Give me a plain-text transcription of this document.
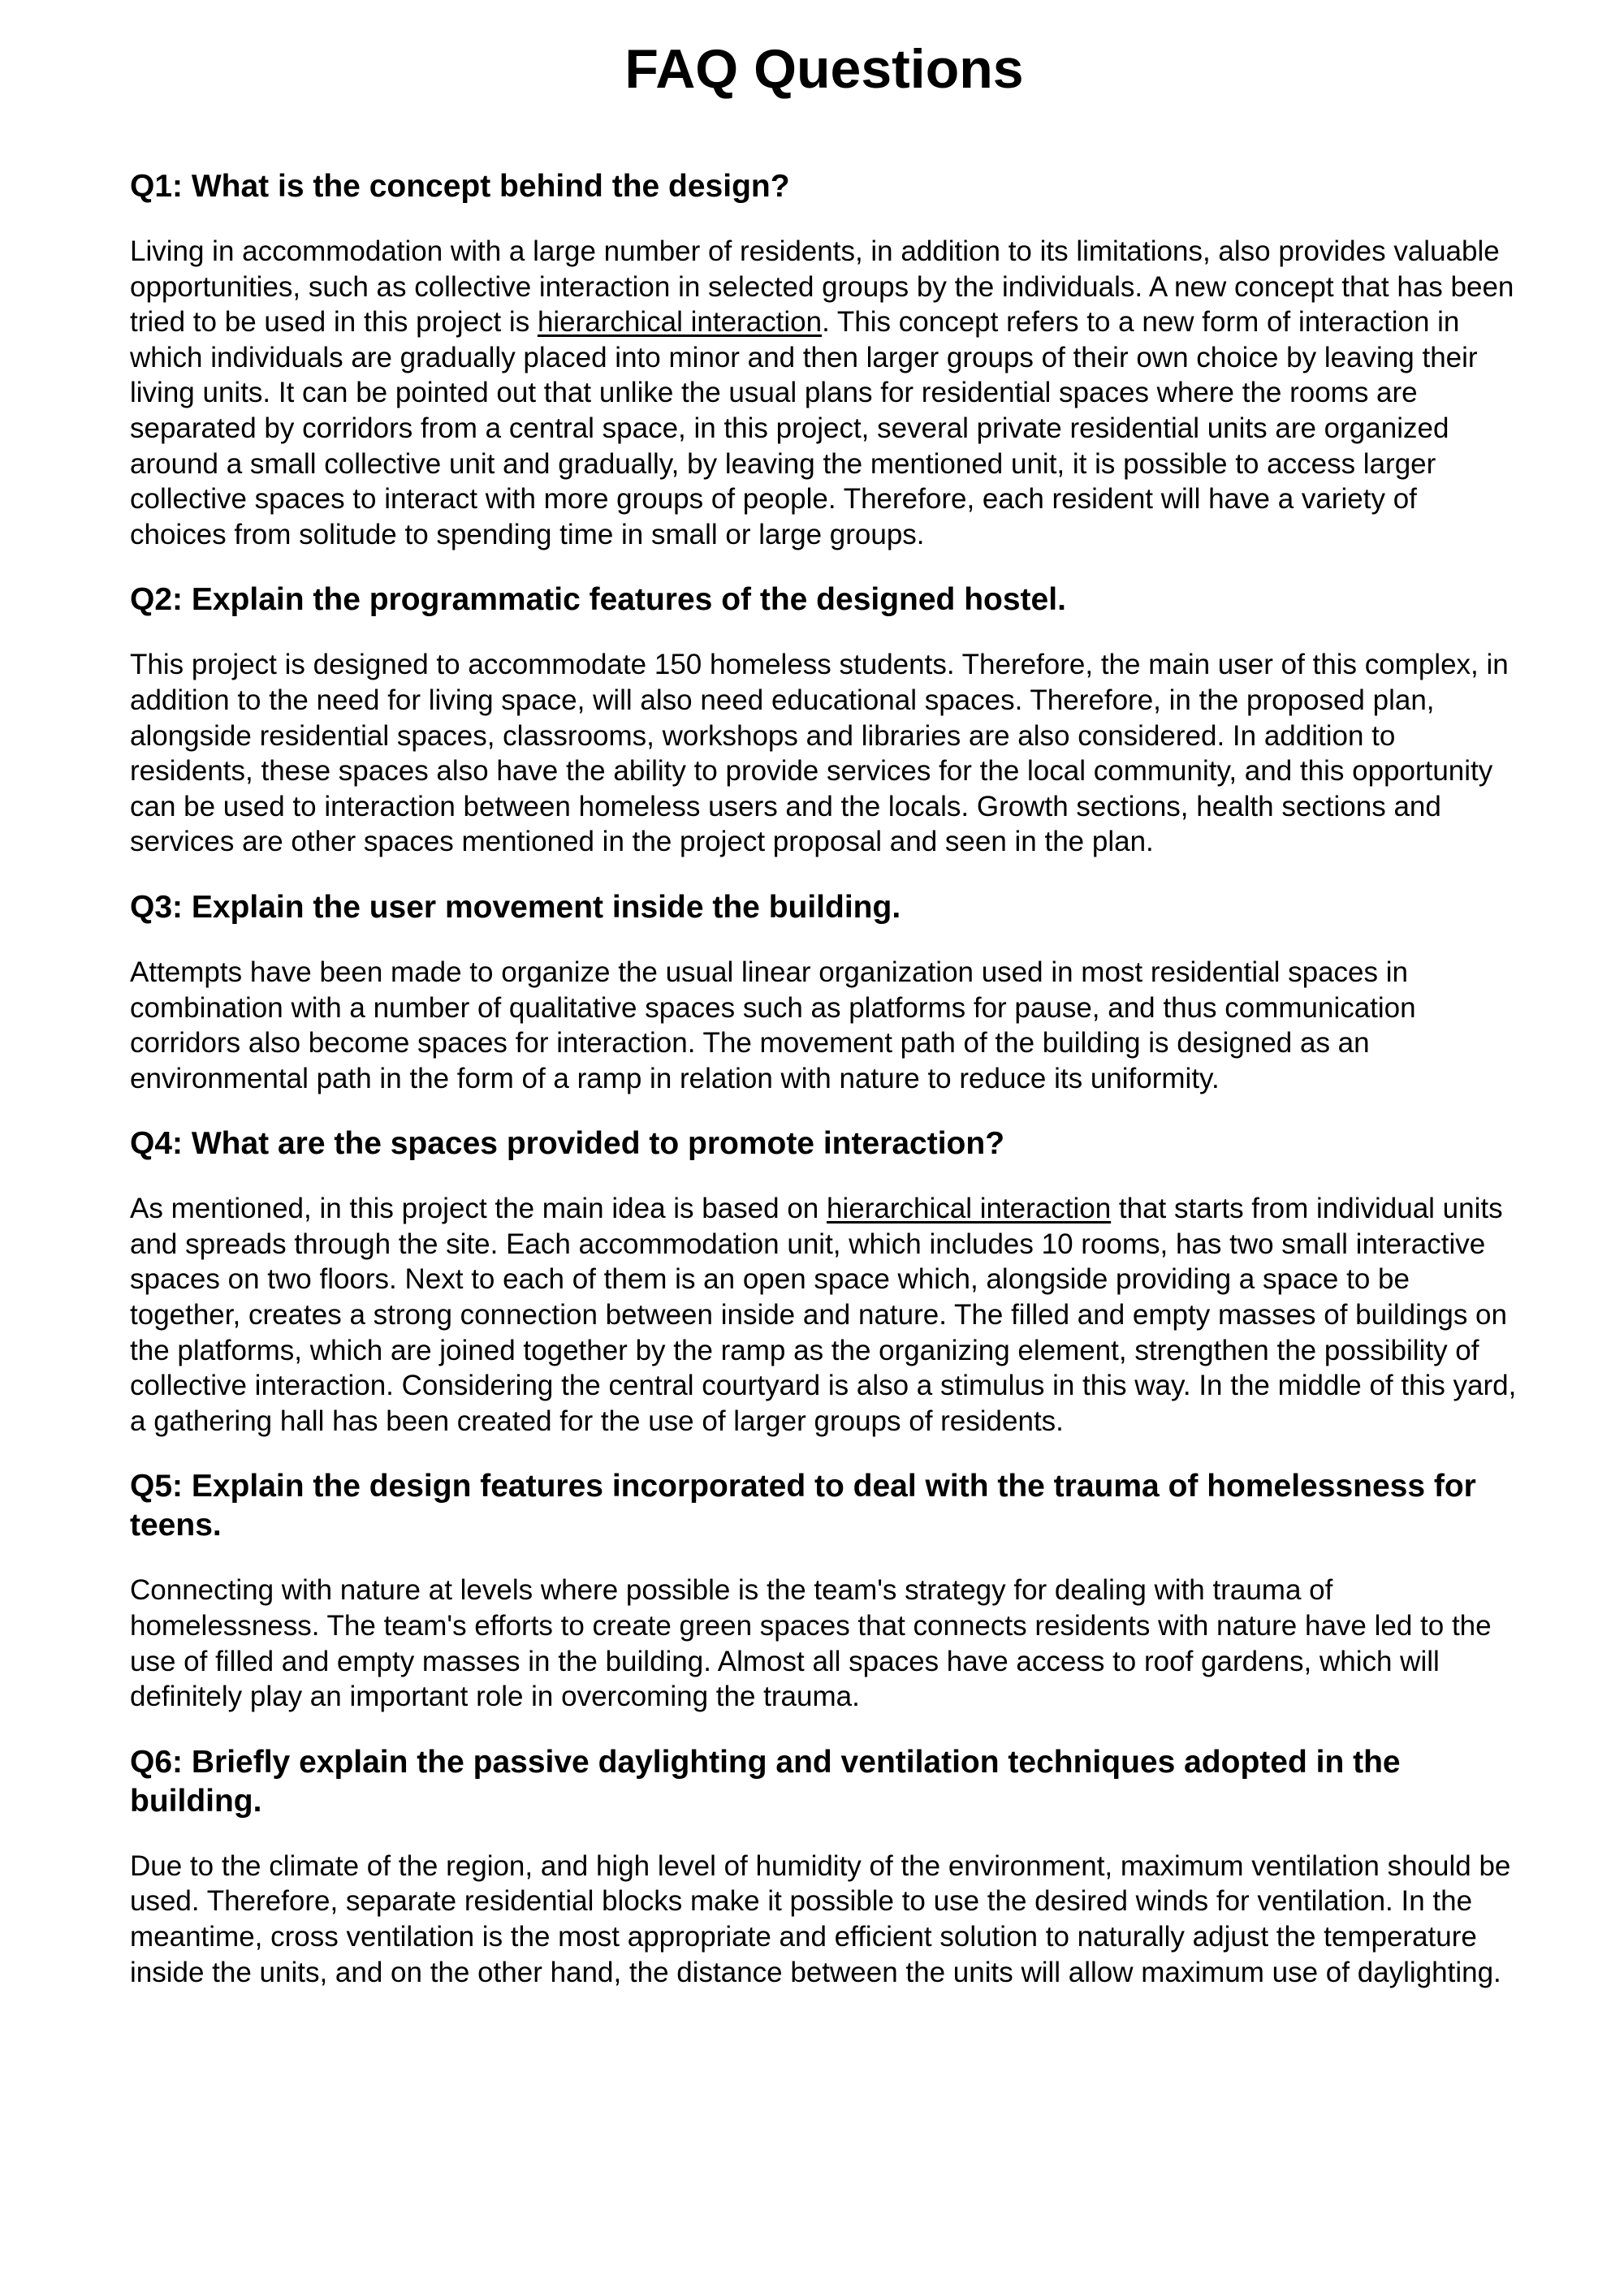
FAQ Questions
Q1: What is the concept behind the design?

Living in accommodation with a large number of residents, in addition to its limitations, also provides valuable opportunities, such as collective interaction in selected groups by the individuals. A new concept that has been tried to be used in this project is hierarchical interaction. This concept refers to a new form of interaction in which individuals are gradually placed into minor and then larger groups of their own choice by leaving their living units. It can be pointed out that unlike the usual plans for residential spaces where the rooms are separated by corridors from a central space, in this project, several private residential units are organized around a small collective unit and gradually, by leaving the mentioned unit, it is possible to access larger collective spaces to interact with more groups of people. Therefore, each resident will have a variety of choices from solitude to spending time in small or large groups.

Q2: Explain the programmatic features of the designed hostel.

This project is designed to accommodate 150 homeless students. Therefore, the main user of this complex, in addition to the need for living space, will also need educational spaces. Therefore, in the proposed plan, alongside residential spaces, classrooms, workshops and libraries are also considered. In addition to residents, these spaces also have the ability to provide services for the local community, and this opportunity can be used to interaction between homeless users and the locals. Growth sections, health sections and services are other spaces mentioned in the project proposal and seen in the plan.

Q3: Explain the user movement inside the building.

Attempts have been made to organize the usual linear organization used in most residential spaces in combination with a number of qualitative spaces such as platforms for pause, and thus communication corridors also become spaces for interaction. The movement path of the building is designed as an environmental path in the form of a ramp in relation with nature to reduce its uniformity.

Q4: What are the spaces provided to promote interaction?

As mentioned, in this project the main idea is based on hierarchical interaction that starts from individual units and spreads through the site. Each accommodation unit, which includes 10 rooms, has two small interactive spaces on two floors. Next to each of them is an open space which, alongside providing a space to be together, creates a strong connection between inside and nature. The filled and empty masses of buildings on the platforms, which are joined together by the ramp as the organizing element, strengthen the possibility of collective interaction. Considering the central courtyard is also a stimulus in this way. In the middle of this yard, a gathering hall has been created for the use of larger groups of residents.

Q5: Explain the design features incorporated to deal with the trauma of homelessness for teens.

Connecting with nature at levels where possible is the team's strategy for dealing with trauma of homelessness. The team's efforts to create green spaces that connects residents with nature have led to the use of filled and empty masses in the building. Almost all spaces have access to roof gardens, which will definitely play an important role in overcoming the trauma.

Q6: Briefly explain the passive daylighting and ventilation techniques adopted in the building.

Due to the climate of the region, and high level of humidity of the environment, maximum ventilation should be used. Therefore, separate residential blocks make it possible to use the desired winds for ventilation. In the meantime, cross ventilation is the most appropriate and efficient solution to naturally adjust the temperature inside the units, and on the other hand, the distance between the units will allow maximum use of daylighting.
